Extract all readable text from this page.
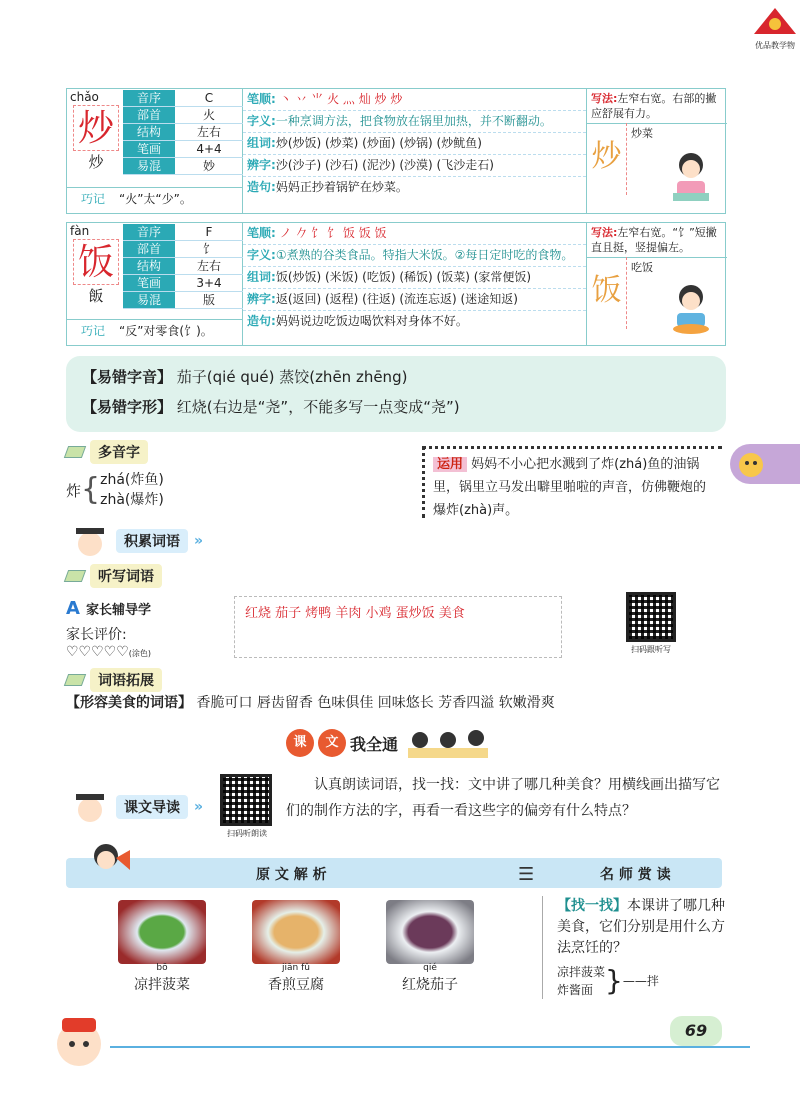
优品教学物
chǎo
炒
炒
音序	C
部首	火
结构	左右
笔画	4+4
易混	妙
巧记 “火”太“少”。
笔顺: 丶 丷 ⺌ 火 灬 灿 炒 炒
字义:一种烹调方法，把食物放在锅里加热，并不断翻动。
组词:炒(炒饭) (炒菜) (炒面) (炒锅) (炒鱿鱼)
辨字:沙(沙子) (沙石) (泥沙) (沙漠) (飞沙走石)
造句:妈妈正抄着锅铲在炒菜。
写法:左窄右宽。右部的撇应舒展有力。
炒
炒菜
fàn
饭
飯
音序	F
部首	饣
结构	左右
笔画	3+4
易混	版
巧记 “反”对零食(饣)。
笔顺: ノ 𠂊 饣 饣 饭 饭 饭
字义:①煮熟的谷类食品。特指大米饭。②每日定时吃的食物。
组词:饭(炒饭) (米饭) (吃饭) (稀饭) (饭菜) (家常便饭)
辨字:返(返回) (返程) (往返) (流连忘返) (迷途知返)
造句:妈妈说边吃饭边喝饮料对身体不好。
写法:左窄右宽。“饣”短撇直且挺，竖提偏左。
饭
吃饭
【易错字音】 茄子(qié qué) 蒸饺(zhēn zhēng)
【易错字形】 红烧(右边是“尧”，不能多写一点变成“尧”)
多音字
炸 { zhá(炸鱼)
zhà(爆炸)
运用 妈妈不小心把水溅到了炸(zhá)鱼的油锅里，锅里立马发出噼里啪啦的声音，仿佛鞭炮的爆炸(zhà)声。
积累词语	»
听写词语
A 家长辅导学
家长评价:
♡♡♡♡♡(涂色)
红烧 茄子 烤鸭 羊肉 小鸡 蛋炒饭 美食
扫码跟听写
词语拓展
【形容美食的词语】 香脆可口 唇齿留香 色味俱佳 回味悠长 芳香四溢 软嫩滑爽
课	文 我全通
课文导读	»
扫码听朗读
认真朗读词语，找一找：文中讲了哪几种美食？用横线画出描写它们的制作方法的字，再看一看这些字的偏旁有什么特点？
原 文 解 析	☰	名 师 赏 读
bō
凉拌菠菜
jiān fǔ
香煎豆腐
qié
红烧茄子
【找一找】本课讲了哪几种美食，它们分别是用什么方法烹饪的？
凉拌菠菜
炸酱面 } ——拌
69
